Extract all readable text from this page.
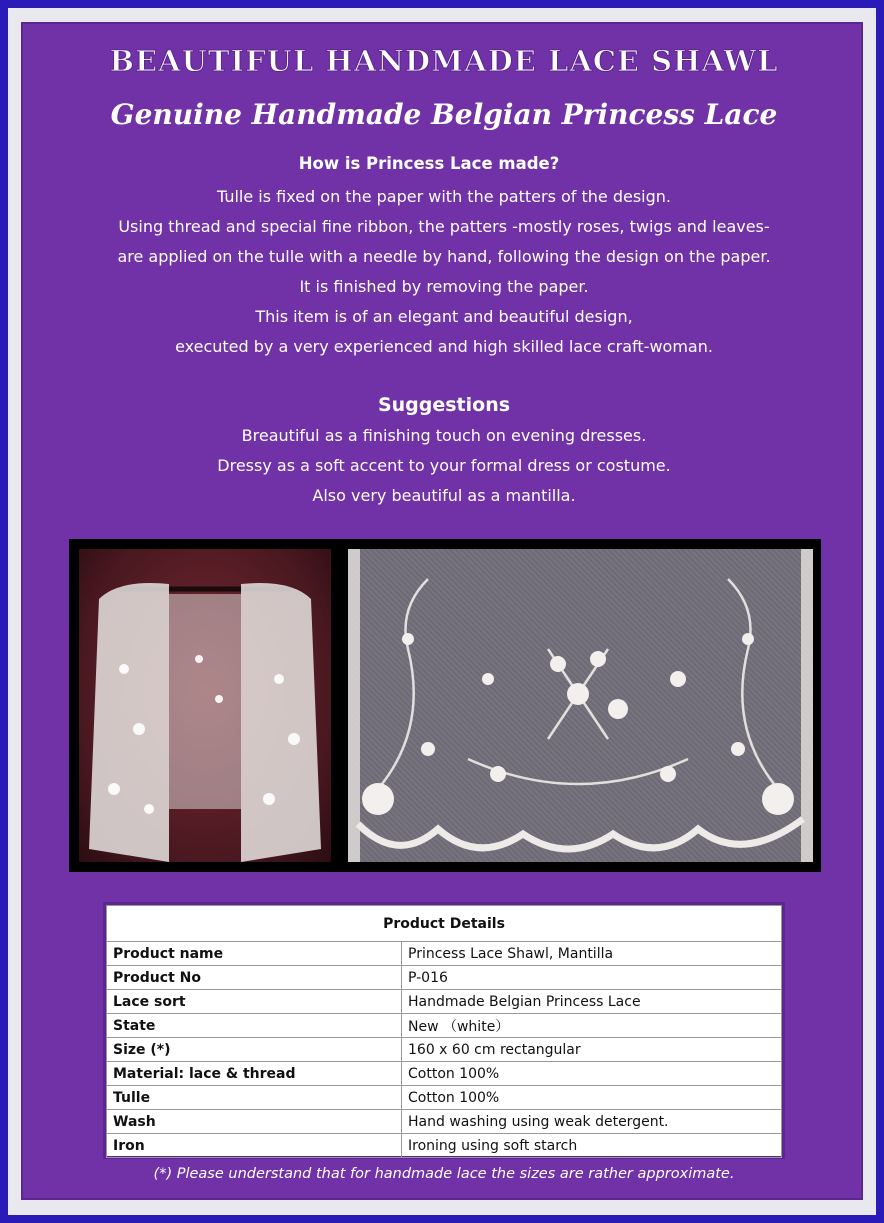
BEAUTIFUL HANDMADE LACE SHAWL
Genuine Handmade Belgian Princess Lace
How is Princess Lace made?
Tulle is fixed on the paper with the patters of the design.
Using thread and special fine ribbon, the patters -mostly roses, twigs and leaves-
are applied on the tulle with a needle by hand, following the design on the paper.
It is finished by removing the paper.
This item is of an elegant and beautiful design,
executed by a very experienced and high skilled lace craft-woman.
Suggestions
Breautiful as a finishing touch on evening dresses.
Dressy as a soft accent to your formal dress or costume.
Also very beautiful as a mantilla.
Product Details	
Product name	Princess Lace Shawl, Mantilla
Product No	P-016
Lace sort	Handmade Belgian Princess Lace
State	New （white）
Size (*)	160 x 60 cm rectangular
Material: lace & thread	Cotton 100%
Tulle	Cotton 100%
Wash	Hand washing using weak detergent.
Iron	Ironing using soft starch
(*) Please understand that for handmade lace the sizes are rather approximate.
